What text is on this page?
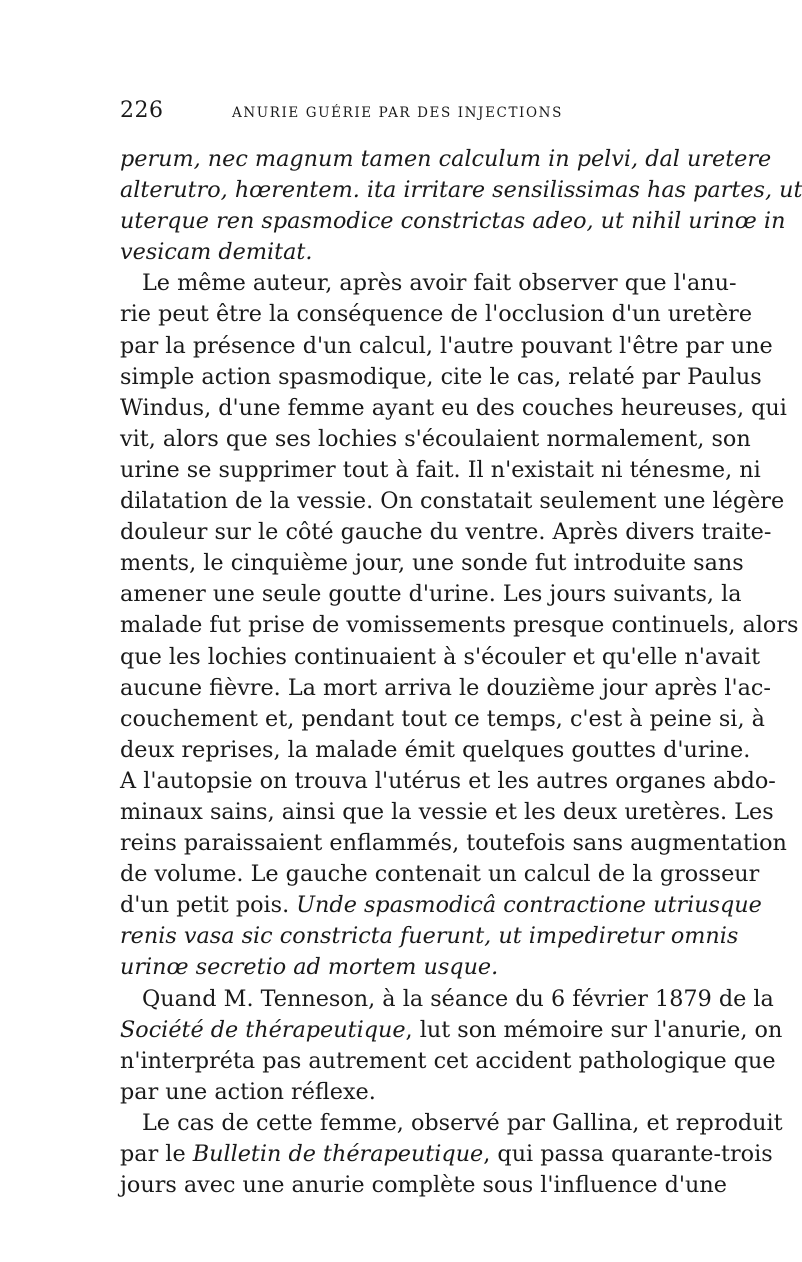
226	ANURIE GUÉRIE PAR DES INJECTIONS
perum, nec magnum tamen calculum in pelvi, dal uretere
alterutro, hœrentem. ita irritare sensilissimas has partes, ut
uterque ren spasmodice constrictas adeo, ut nihil urinœ in
vesicam demitat.
Le même auteur, après avoir fait observer que l'anu-
rie peut être la conséquence de l'occlusion d'un uretère
par la présence d'un calcul, l'autre pouvant l'être par une
simple action spasmodique, cite le cas, relaté par Paulus
Windus, d'une femme ayant eu des couches heureuses, qui
vit, alors que ses lochies s'écoulaient normalement, son
urine se supprimer tout à fait. Il n'existait ni ténesme, ni
dilatation de la vessie. On constatait seulement une légère
douleur sur le côté gauche du ventre. Après divers traite-
ments, le cinquième jour, une sonde fut introduite sans
amener une seule goutte d'urine. Les jours suivants, la
malade fut prise de vomissements presque continuels, alors
que les lochies continuaient à s'écouler et qu'elle n'avait
aucune fièvre. La mort arriva le douzième jour après l'ac-
couchement et, pendant tout ce temps, c'est à peine si, à
deux reprises, la malade émit quelques gouttes d'urine.
A l'autopsie on trouva l'utérus et les autres organes abdo-
minaux sains, ainsi que la vessie et les deux uretères. Les
reins paraissaient enflammés, toutefois sans augmentation
de volume. Le gauche contenait un calcul de la grosseur
d'un petit pois. Unde spasmodicâ contractione utriusque
renis vasa sic constricta fuerunt, ut impediretur omnis
urinœ secretio ad mortem usque.
Quand M. Tenneson, à la séance du 6 février 1879 de la
Société de thérapeutique, lut son mémoire sur l'anurie, on
n'interpréta pas autrement cet accident pathologique que
par une action réflexe.
Le cas de cette femme, observé par Gallina, et reproduit
par le Bulletin de thérapeutique, qui passa quarante-trois
jours avec une anurie complète sous l'influence d'une
